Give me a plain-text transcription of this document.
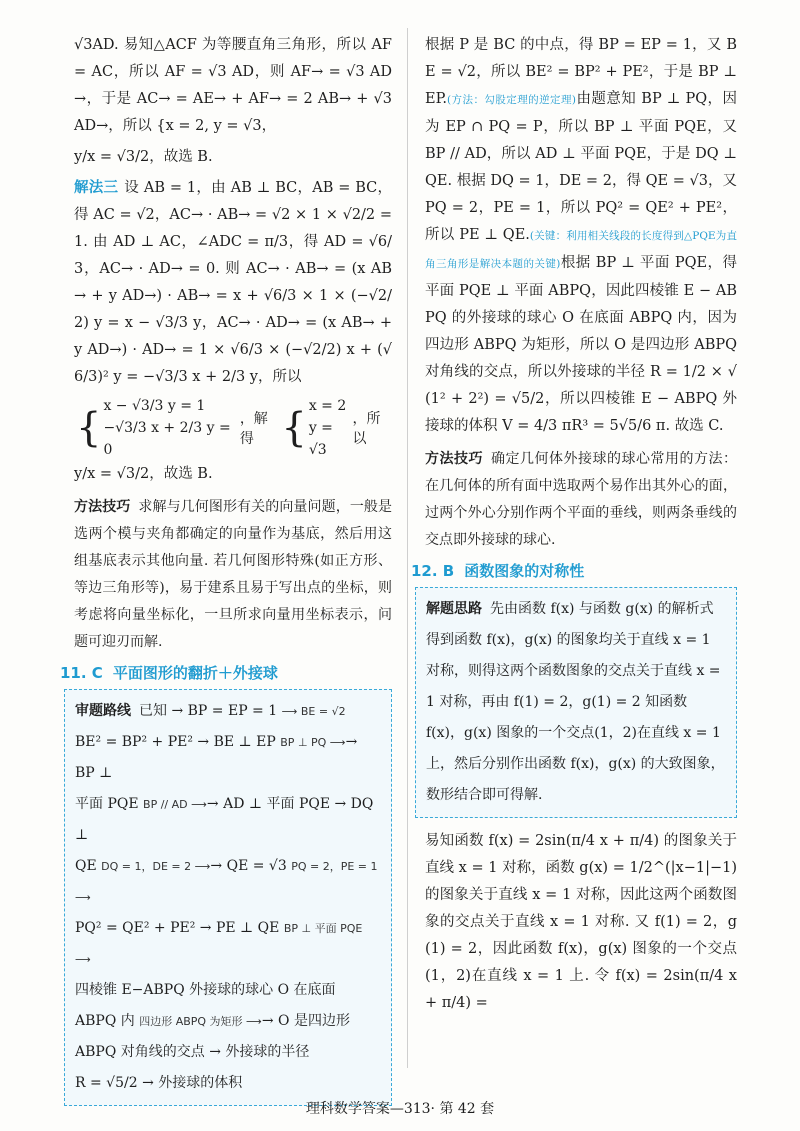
√3AD. 易知△ACF 为等腰直角三角形，所以 AF = AC，所以 AF = √3 AD，则 AF→ = √3 AD→，于是 AC→ = AE→ + AF→ = 2 AB→ + √3 AD→，所以 {x = 2, y = √3，

y/x = √3/2，故选 B.

解法三 设 AB = 1，由 AB ⊥ BC，AB = BC，得 AC = √2，AC→ · AB→ = √2 × 1 × √2/2 = 1. 由 AD ⊥ AC，∠ADC = π/3，得 AD = √6/3，AC→ · AD→ = 0. 则 AC→ · AB→ = (x AB→ + y AD→) · AB→ = x + √6/3 × 1 × (−√2/2) y = x − √3/3 y，AC→ · AD→ = (x AB→ + y AD→) · AD→ = 1 × √6/3 × (−√2/2) x + (√6/3)² y = −√3/3 x + 2/3 y，所以

{ x − √3/3 y = 1
−√3/3 x + 2/3 y = 0
，解得 { x = 2
y = √3
，所以

y/x = √3/2，故选 B.

方法技巧 求解与几何图形有关的向量问题，一般是选两个模与夹角都确定的向量作为基底，然后用这组基底表示其他向量. 若几何图形特殊(如正方形、等边三角形等)，易于建系且易于写出点的坐标，则考虑将向量坐标化，一旦所求向量用坐标表示，问题可迎刃而解.

11. C 平面图形的翻折＋外接球
审题路线 已知 → BP = EP = 1 ⟶ BE = √2
BE² = BP² + PE² → BE ⊥ EP BP ⊥ PQ ⟶→ BP ⊥
平面 PQE BP // AD ⟶→ AD ⊥ 平面 PQE → DQ ⊥
QE DQ = 1，DE = 2 ⟶→ QE = √3 PQ = 2，PE = 1 ⟶
PQ² = QE² + PE² → PE ⊥ QE BP ⊥ 平面 PQE ⟶
四棱锥 E−ABPQ 外接球的球心 O 在底面
ABPQ 内 四边形 ABPQ 为矩形 ⟶→ O 是四边形
ABPQ 对角线的交点 → 外接球的半径
R = √5/2 → 外接球的体积

根据 P 是 BC 的中点，得 BP = EP = 1，又 BE = √2，所以 BE² = BP² + PE²，于是 BP ⊥ EP.(方法：勾股定理的逆定理)由题意知 BP ⊥ PQ，因为 EP ∩ PQ = P，所以 BP ⊥ 平面 PQE，又 BP // AD，所以 AD ⊥ 平面 PQE，于是 DQ ⊥ QE. 根据 DQ = 1，DE = 2，得 QE = √3，又 PQ = 2，PE = 1，所以 PQ² = QE² + PE²，所以 PE ⊥ QE.(关键：利用相关线段的长度得到△PQE为直角三角形是解决本题的关键)根据 BP ⊥ 平面 PQE，得平面 PQE ⊥ 平面 ABPQ，因此四棱锥 E − ABPQ 的外接球的球心 O 在底面 ABPQ 内，因为四边形 ABPQ 为矩形，所以 O 是四边形 ABPQ 对角线的交点，所以外接球的半径 R = 1/2 × √(1² + 2²) = √5/2，所以四棱锥 E − ABPQ 外接球的体积 V = 4/3 πR³ = 5√5/6 π. 故选 C.

方法技巧 确定几何体外接球的球心常用的方法：在几何体的所有面中选取两个易作出其外心的面，过两个外心分别作两个平面的垂线，则两条垂线的交点即外接球的球心.

12. B 函数图象的对称性
解题思路 先由函数 f(x) 与函数 g(x) 的解析式得到函数 f(x)，g(x) 的图象均关于直线 x = 1 对称，则得这两个函数图象的交点关于直线 x = 1 对称，再由 f(1) = 2，g(1) = 2 知函数 f(x)，g(x) 图象的一个交点(1，2)在直线 x = 1 上，然后分别作出函数 f(x)，g(x) 的大致图象，数形结合即可得解.

易知函数 f(x) = 2sin(π/4 x + π/4) 的图象关于直线 x = 1 对称，函数 g(x) = 1/2^(|x−1|−1) 的图象关于直线 x = 1 对称，因此这两个函数图象的交点关于直线 x = 1 对称. 又 f(1) = 2，g(1) = 2，因此函数 f(x)，g(x) 图象的一个交点(1，2)在直线 x = 1 上. 令 f(x) = 2sin(π/4 x + π/4) =

理科数学答案—313· 第 42 套
